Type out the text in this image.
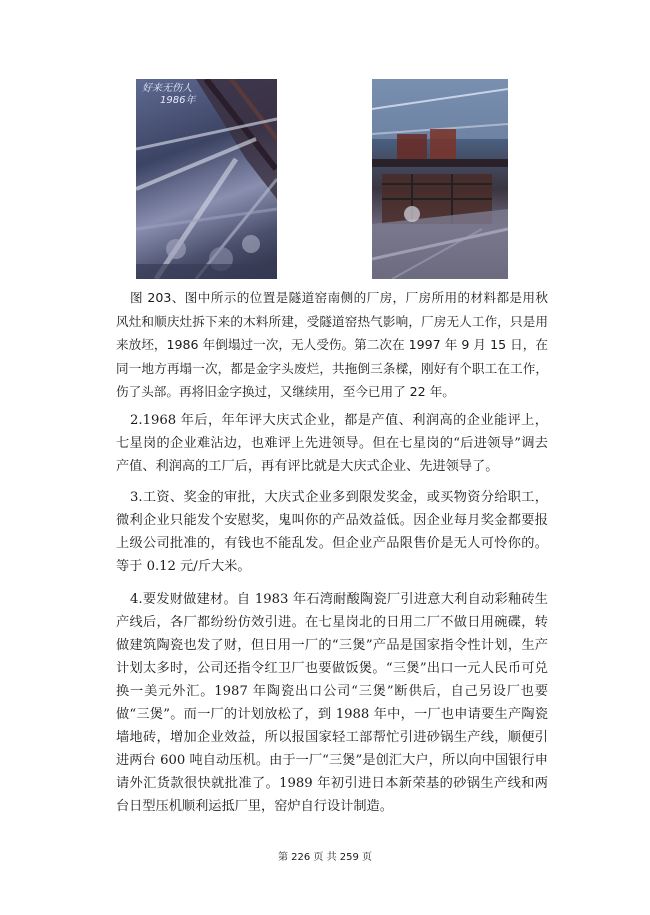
好来无伤人
1986年

图 203、图中所示的位置是隧道窑南侧的厂房，厂房所用的材料都是用秋风灶和顺庆灶拆下来的木料所建，受隧道窑热气影响，厂房无人工作，只是用来放坯，1986 年倒塌过一次，无人受伤。第二次在 1997 年 9 月 15 日，在同一地方再塌一次，都是金字头废烂，共拖倒三条樑，刚好有个职工在工作，伤了头部。再将旧金字换过，又继续用，至今已用了 22 年。

2.1968 年后，年年评大庆式企业，都是产值、利润高的企业能评上，七星岗的企业难沾边，也难评上先进领导。但在七星岗的“后进领导”调去产值、利润高的工厂后，再有评比就是大庆式企业、先进领导了。

3.工资、奖金的审批，大庆式企业多到限发奖金，或买物资分给职工，微利企业只能发个安慰奖，鬼叫你的产品效益低。因企业每月奖金都要报上级公司批准的，有钱也不能乱发。但企业产品限售价是无人可怜你的。等于 0.12 元/斤大米。

4.要发财做建材。自 1983 年石湾耐酸陶瓷厂引进意大利自动彩釉砖生产线后，各厂都纷纷仿效引进。在七星岗北的日用二厂不做日用碗碟，转做建筑陶瓷也发了财，但日用一厂的“三煲”产品是国家指令性计划，生产计划太多时，公司还指令红卫厂也要做饭煲。“三煲”出口一元人民币可兑换一美元外汇。1987 年陶瓷出口公司“三煲”断供后，自己另设厂也要做“三煲”。而一厂的计划放松了，到 1988 年中，一厂也申请要生产陶瓷墙地砖，增加企业效益，所以报国家轻工部帮忙引进砂锅生产线，顺便引进两台 600 吨自动压机。由于一厂“三煲”是创汇大户，所以向中国银行申请外汇货款很快就批准了。1989 年初引进日本新荣基的砂锅生产线和两台日型压机顺利运抵厂里，窑炉自行设计制造。

第 226 页 共 259 页
